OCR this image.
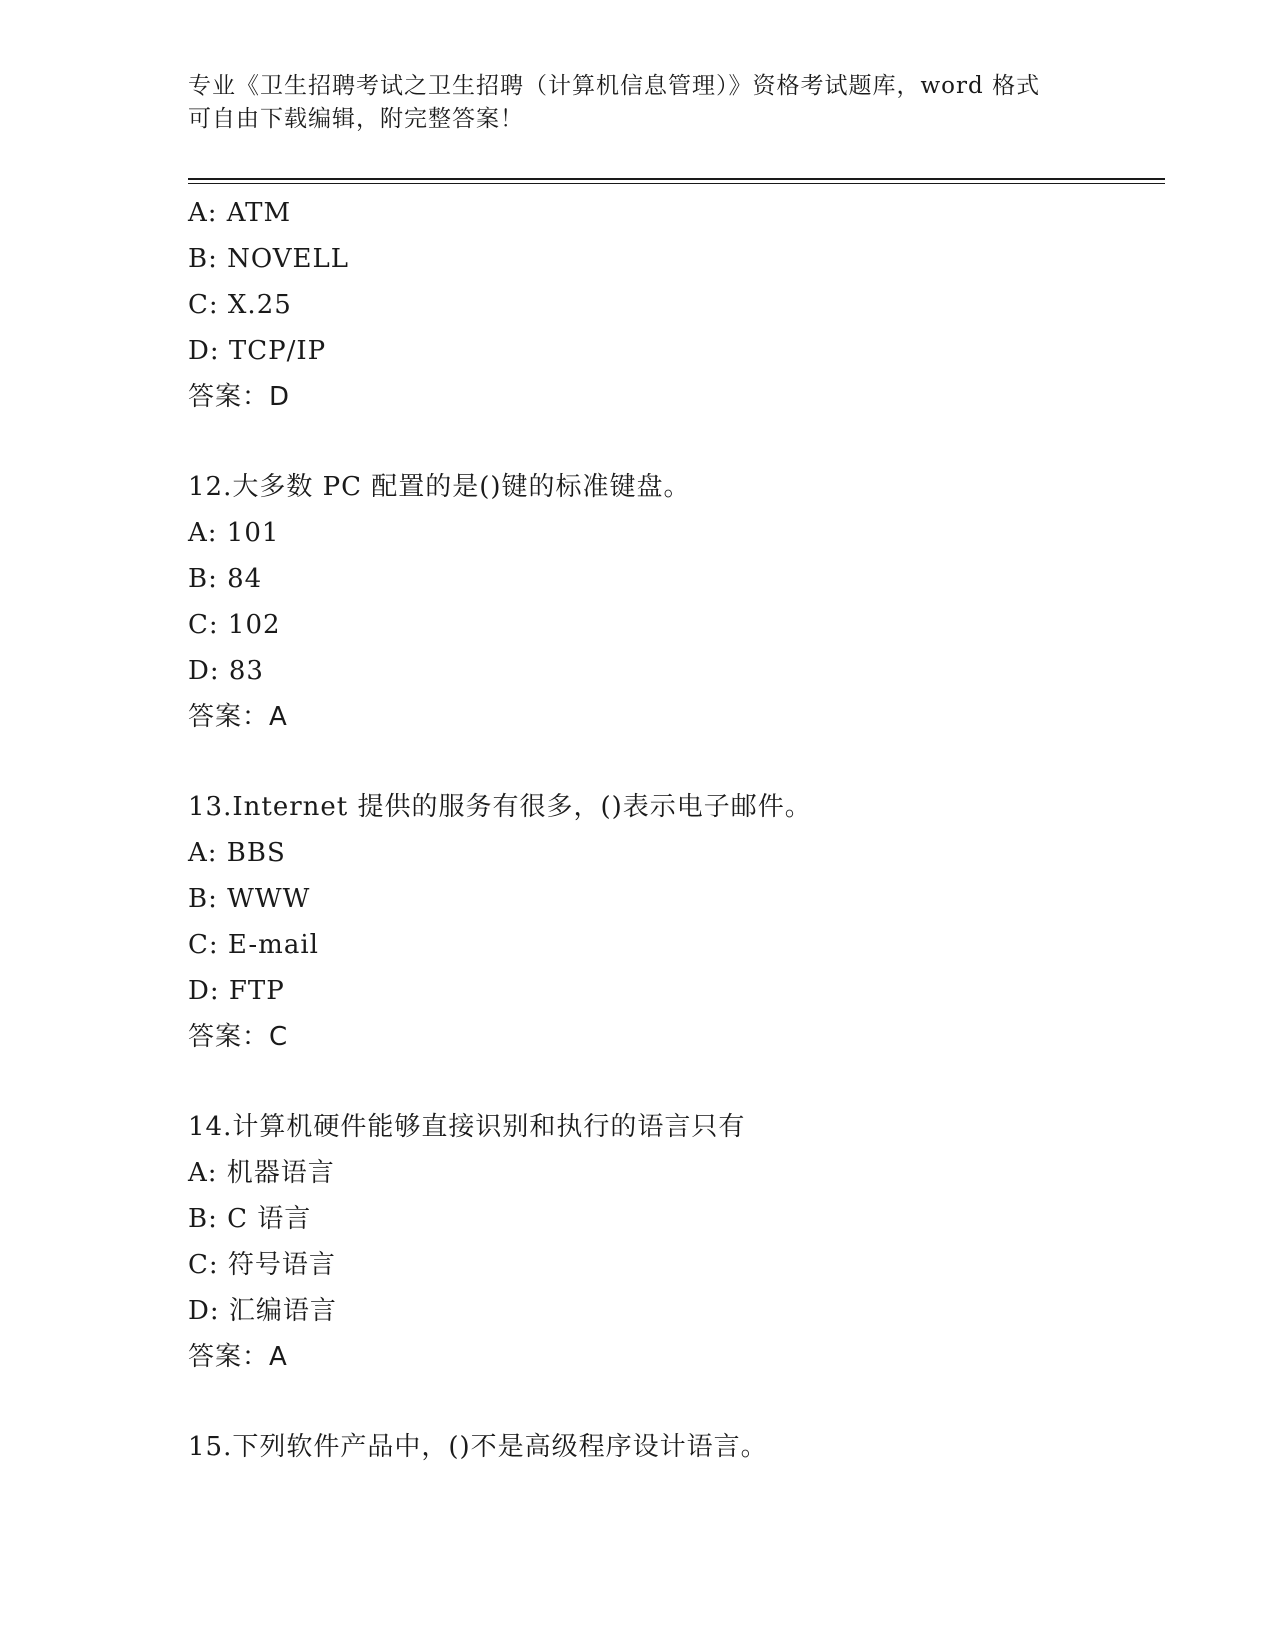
专业《卫生招聘考试之卫生招聘（计算机信息管理）》资格考试题库，word 格式
可自由下载编辑，附完整答案！

A: ATM
B: NOVELL
C: X.25
D: TCP/IP
答案：D
12.大多数 PC 配置的是()键的标准键盘。
A: 101
B: 84
C: 102
D: 83
答案：A
13.Internet 提供的服务有很多，()表示电子邮件。
A: BBS
B: WWW
C: E-mail
D: FTP
答案：C
14.计算机硬件能够直接识别和执行的语言只有
A: 机器语言
B: C 语言
C: 符号语言
D: 汇编语言
答案：A
15.下列软件产品中，()不是高级程序设计语言。
